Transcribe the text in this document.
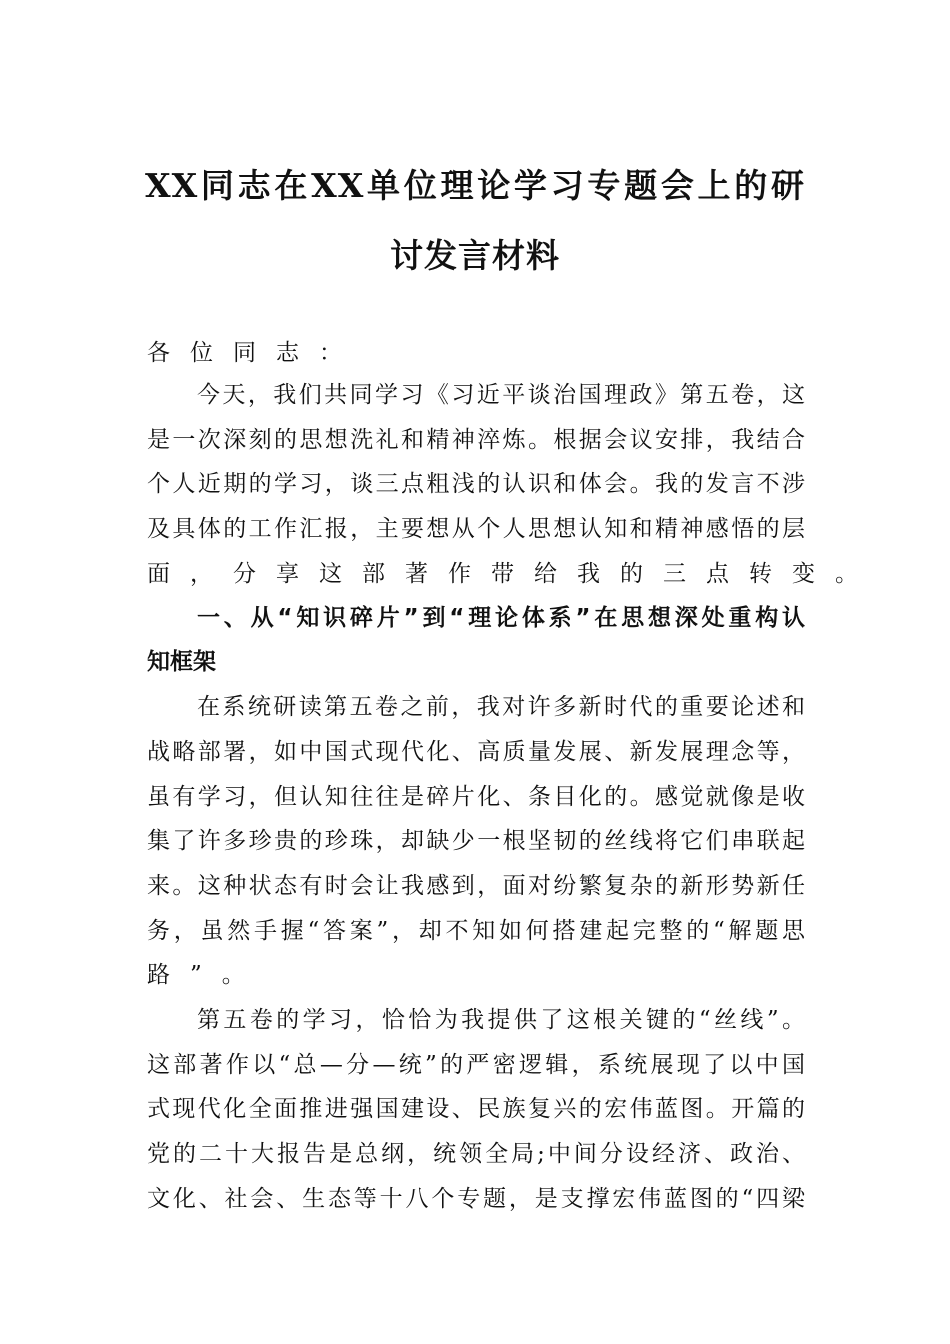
XX同志在XX单位理论学习专题会上的研
讨发言材料
各位同志：
今天，我们共同学习《习近平谈治国理政》第五卷，这
是一次深刻的思想洗礼和精神淬炼。根据会议安排，我结合
个人近期的学习，谈三点粗浅的认识和体会。我的发言不涉
及具体的工作汇报，主要想从个人思想认知和精神感悟的层
面，分享这部著作带给我的三点转变。
一、从“知识碎片”到“理论体系”在思想深处重构认
知框架
在系统研读第五卷之前，我对许多新时代的重要论述和
战略部署，如中国式现代化、高质量发展、新发展理念等，
虽有学习，但认知往往是碎片化、条目化的。感觉就像是收
集了许多珍贵的珍珠，却缺少一根坚韧的丝线将它们串联起
来。这种状态有时会让我感到，面对纷繁复杂的新形势新任
务，虽然手握“答案”，却不知如何搭建起完整的“解题思
路”。
第五卷的学习，恰恰为我提供了这根关键的“丝线”。
这部著作以“总—分—统”的严密逻辑，系统展现了以中国
式现代化全面推进强国建设、民族复兴的宏伟蓝图。开篇的
党的二十大报告是总纲，统领全局;中间分设经济、政治、
文化、社会、生态等十八个专题，是支撑宏伟蓝图的“四梁
